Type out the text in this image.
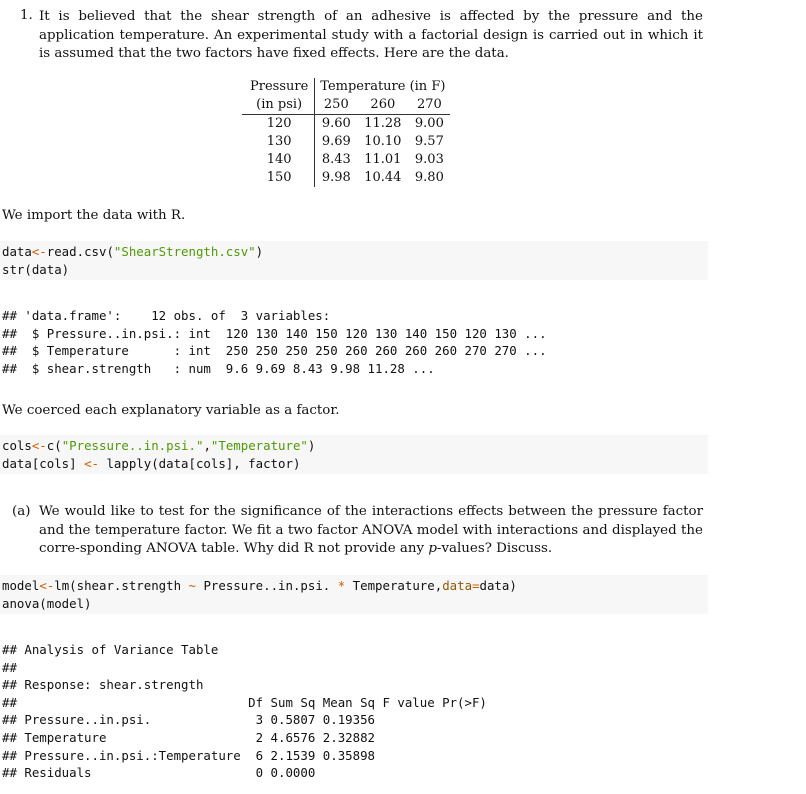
1. It is believed that the shear strength of an adhesive is affected by the pressure and the application temperature. An experimental study with a factorial design is carried out in which it is assumed that the two factors have fixed effects. Here are the data.
Pressure	Temperature (in F)		
(in psi)	250	260	270
120	9.60	11.28	9.00
130	9.69	10.10	9.57
140	8.43	11.01	9.03
150	9.98	10.44	9.80
We import the data with R.
data<-read.csv("ShearStrength.csv")
str(data)
## 'data.frame':    12 obs. of  3 variables:
##  $ Pressure..in.psi.: int  120 130 140 150 120 130 140 150 120 130 ...
##  $ Temperature      : int  250 250 250 250 260 260 260 260 270 270 ...
##  $ shear.strength   : num  9.6 9.69 8.43 9.98 11.28 ...
We coerced each explanatory variable as a factor.
cols<-c("Pressure..in.psi.","Temperature")
data[cols] <- lapply(data[cols], factor)
(a) We would like to test for the significance of the interactions effects between the pressure factor and the temperature factor. We fit a two factor ANOVA model with interactions and displayed the corre-sponding ANOVA table. Why did R not provide any p-values? Discuss.
model<-lm(shear.strength ~ Pressure..in.psi. * Temperature,data=data)
anova(model)
## Analysis of Variance Table
##
## Response: shear.strength
##                               Df Sum Sq Mean Sq F value Pr(>F)
## Pressure..in.psi.              3 0.5807 0.19356
## Temperature                    2 4.6576 2.32882
## Pressure..in.psi.:Temperature  6 2.1539 0.35898
## Residuals                      0 0.0000
